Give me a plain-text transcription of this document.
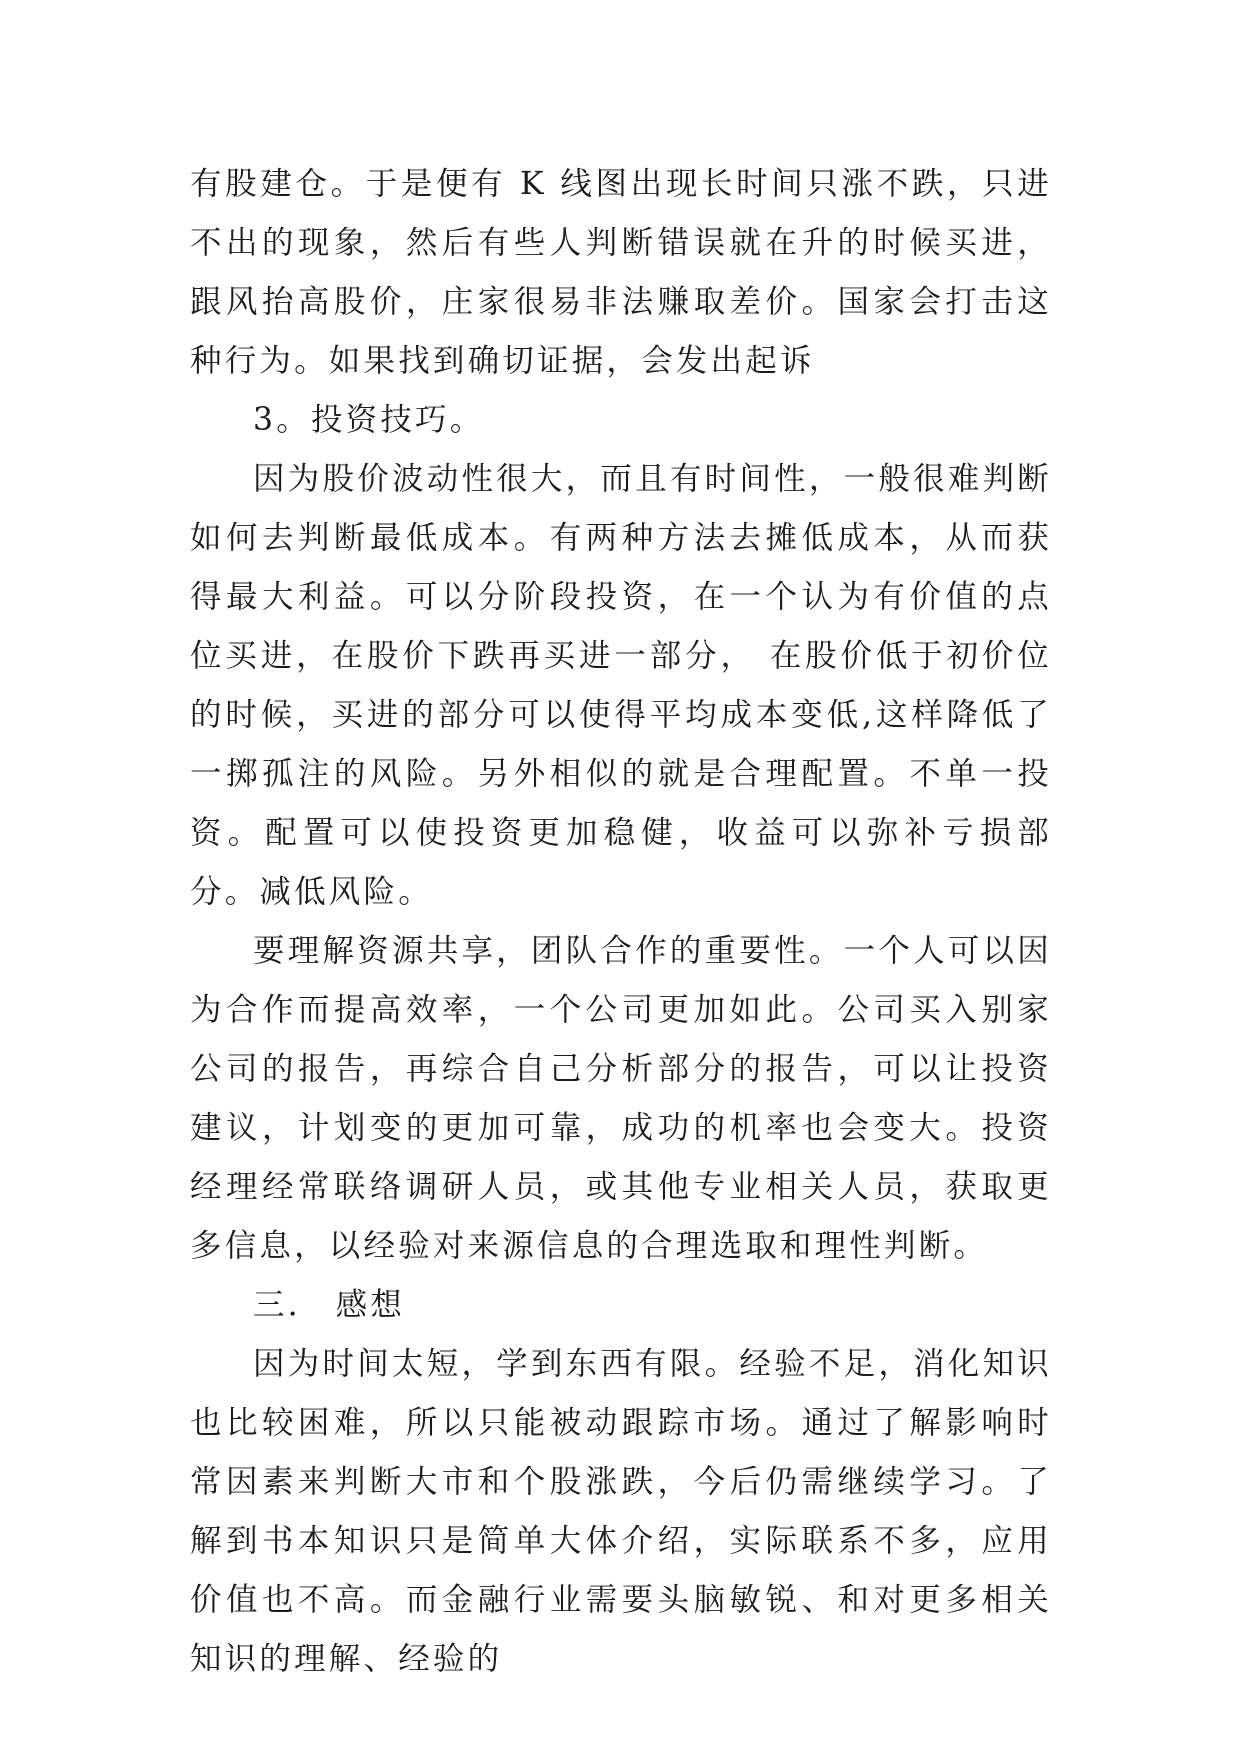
有股建仓。于是便有 K 线图出现长时间只涨不跌，只进不出的现象，然后有些人判断错误就在升的时候买进，跟风抬高股价，庄家很易非法赚取差价。国家会打击这种行为。如果找到确切证据，会发出起诉

3。投资技巧。

因为股价波动性很大，而且有时间性，一般很难判断如何去判断最低成本。有两种方法去摊低成本，从而获得最大利益。可以分阶段投资，在一个认为有价值的点位买进，在股价下跌再买进一部分， 在股价低于初价位的时候，买进的部分可以使得平均成本变低,这样降低了一掷孤注的风险。另外相似的就是合理配置。不单一投资。配置可以使投资更加稳健，收益可以弥补亏损部分。减低风险。

要理解资源共享，团队合作的重要性。一个人可以因为合作而提高效率，一个公司更加如此。公司买入别家公司的报告，再综合自己分析部分的报告，可以让投资建议，计划变的更加可靠，成功的机率也会变大。投资经理经常联络调研人员，或其他专业相关人员，获取更多信息，以经验对来源信息的合理选取和理性判断。

三． 感想

因为时间太短，学到东西有限。经验不足，消化知识也比较困难，所以只能被动跟踪市场。通过了解影响时常因素来判断大市和个股涨跌，今后仍需继续学习。了解到书本知识只是简单大体介绍，实际联系不多，应用价值也不高。而金融行业需要头脑敏锐、和对更多相关知识的理解、经验的
